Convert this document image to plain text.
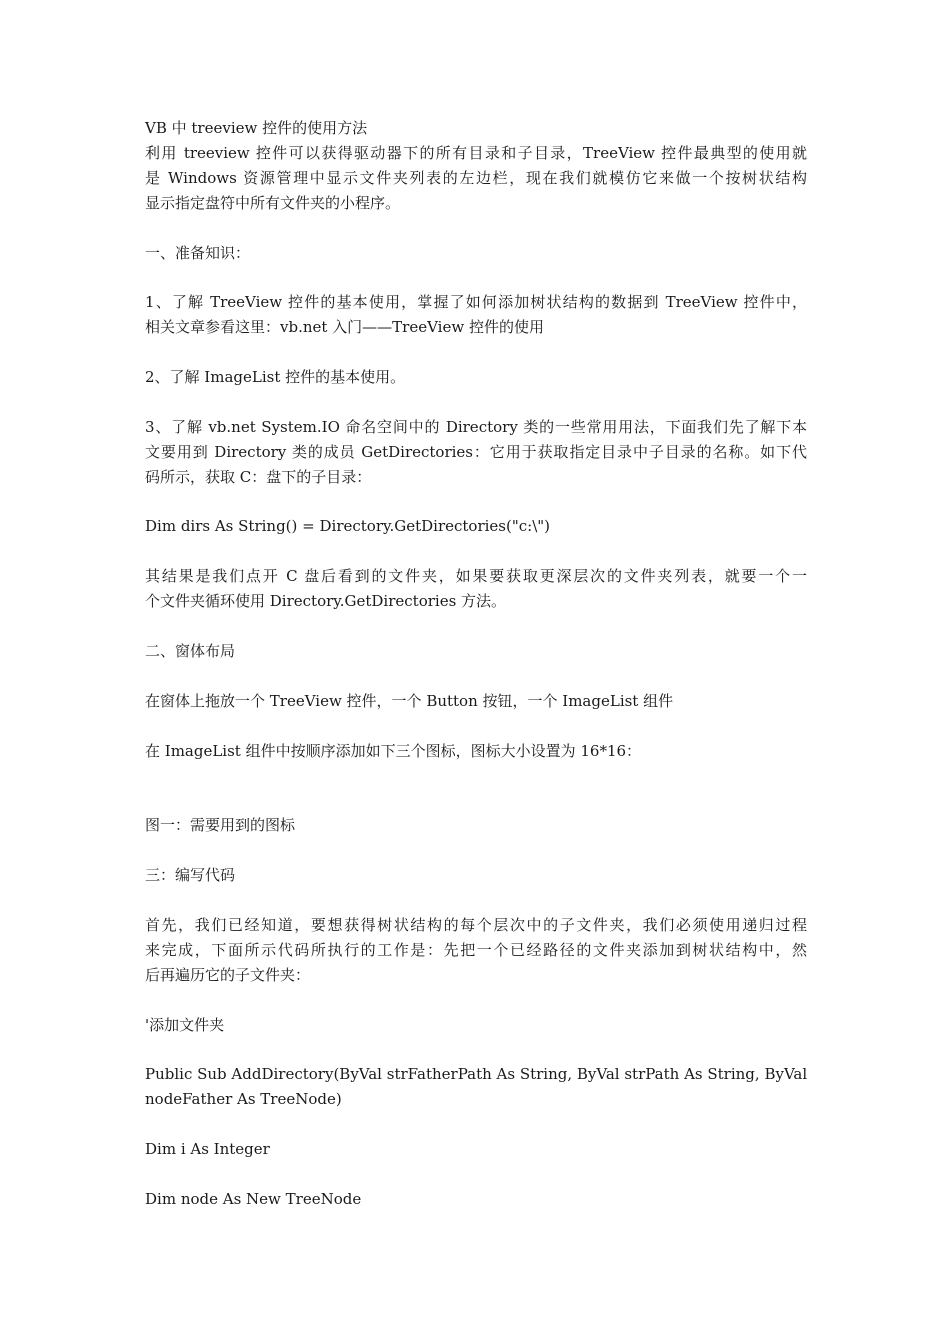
VB 中 treeview 控件的使用方法
利用 treeview 控件可以获得驱动器下的所有目录和子目录，TreeView 控件最典型的使用就
是 Windows 资源管理中显示文件夹列表的左边栏，现在我们就模仿它来做一个按树状结构
显示指定盘符中所有文件夹的小程序。
一、准备知识：
1、了解 TreeView 控件的基本使用，掌握了如何添加树状结构的数据到 TreeView 控件中，
相关文章参看这里：vb.net 入门——TreeView 控件的使用
2、了解 ImageList 控件的基本使用。
3、了解 vb.net System.IO 命名空间中的 Directory 类的一些常用用法，下面我们先了解下本
文要用到 Directory 类的成员 GetDirectories：它用于获取指定目录中子目录的名称。如下代
码所示，获取 C：盘下的子目录：
Dim dirs As String() = Directory.GetDirectories("c:\")
其结果是我们点开 C 盘后看到的文件夹，如果要获取更深层次的文件夹列表，就要一个一
个文件夹循环使用 Directory.GetDirectories 方法。
二、窗体布局
在窗体上拖放一个 TreeView 控件，一个 Button 按钮，一个 ImageList 组件
在 ImageList 组件中按顺序添加如下三个图标，图标大小设置为 16*16：
图一：需要用到的图标
三：编写代码
首先，我们已经知道，要想获得树状结构的每个层次中的子文件夹，我们必须使用递归过程
来完成，下面所示代码所执行的工作是：先把一个已经路径的文件夹添加到树状结构中，然
后再遍历它的子文件夹：
'添加文件夹
Public Sub AddDirectory(ByVal strFatherPath As String, ByVal strPath As String, ByVal
nodeFather As TreeNode)
Dim i As Integer
Dim node As New TreeNode
